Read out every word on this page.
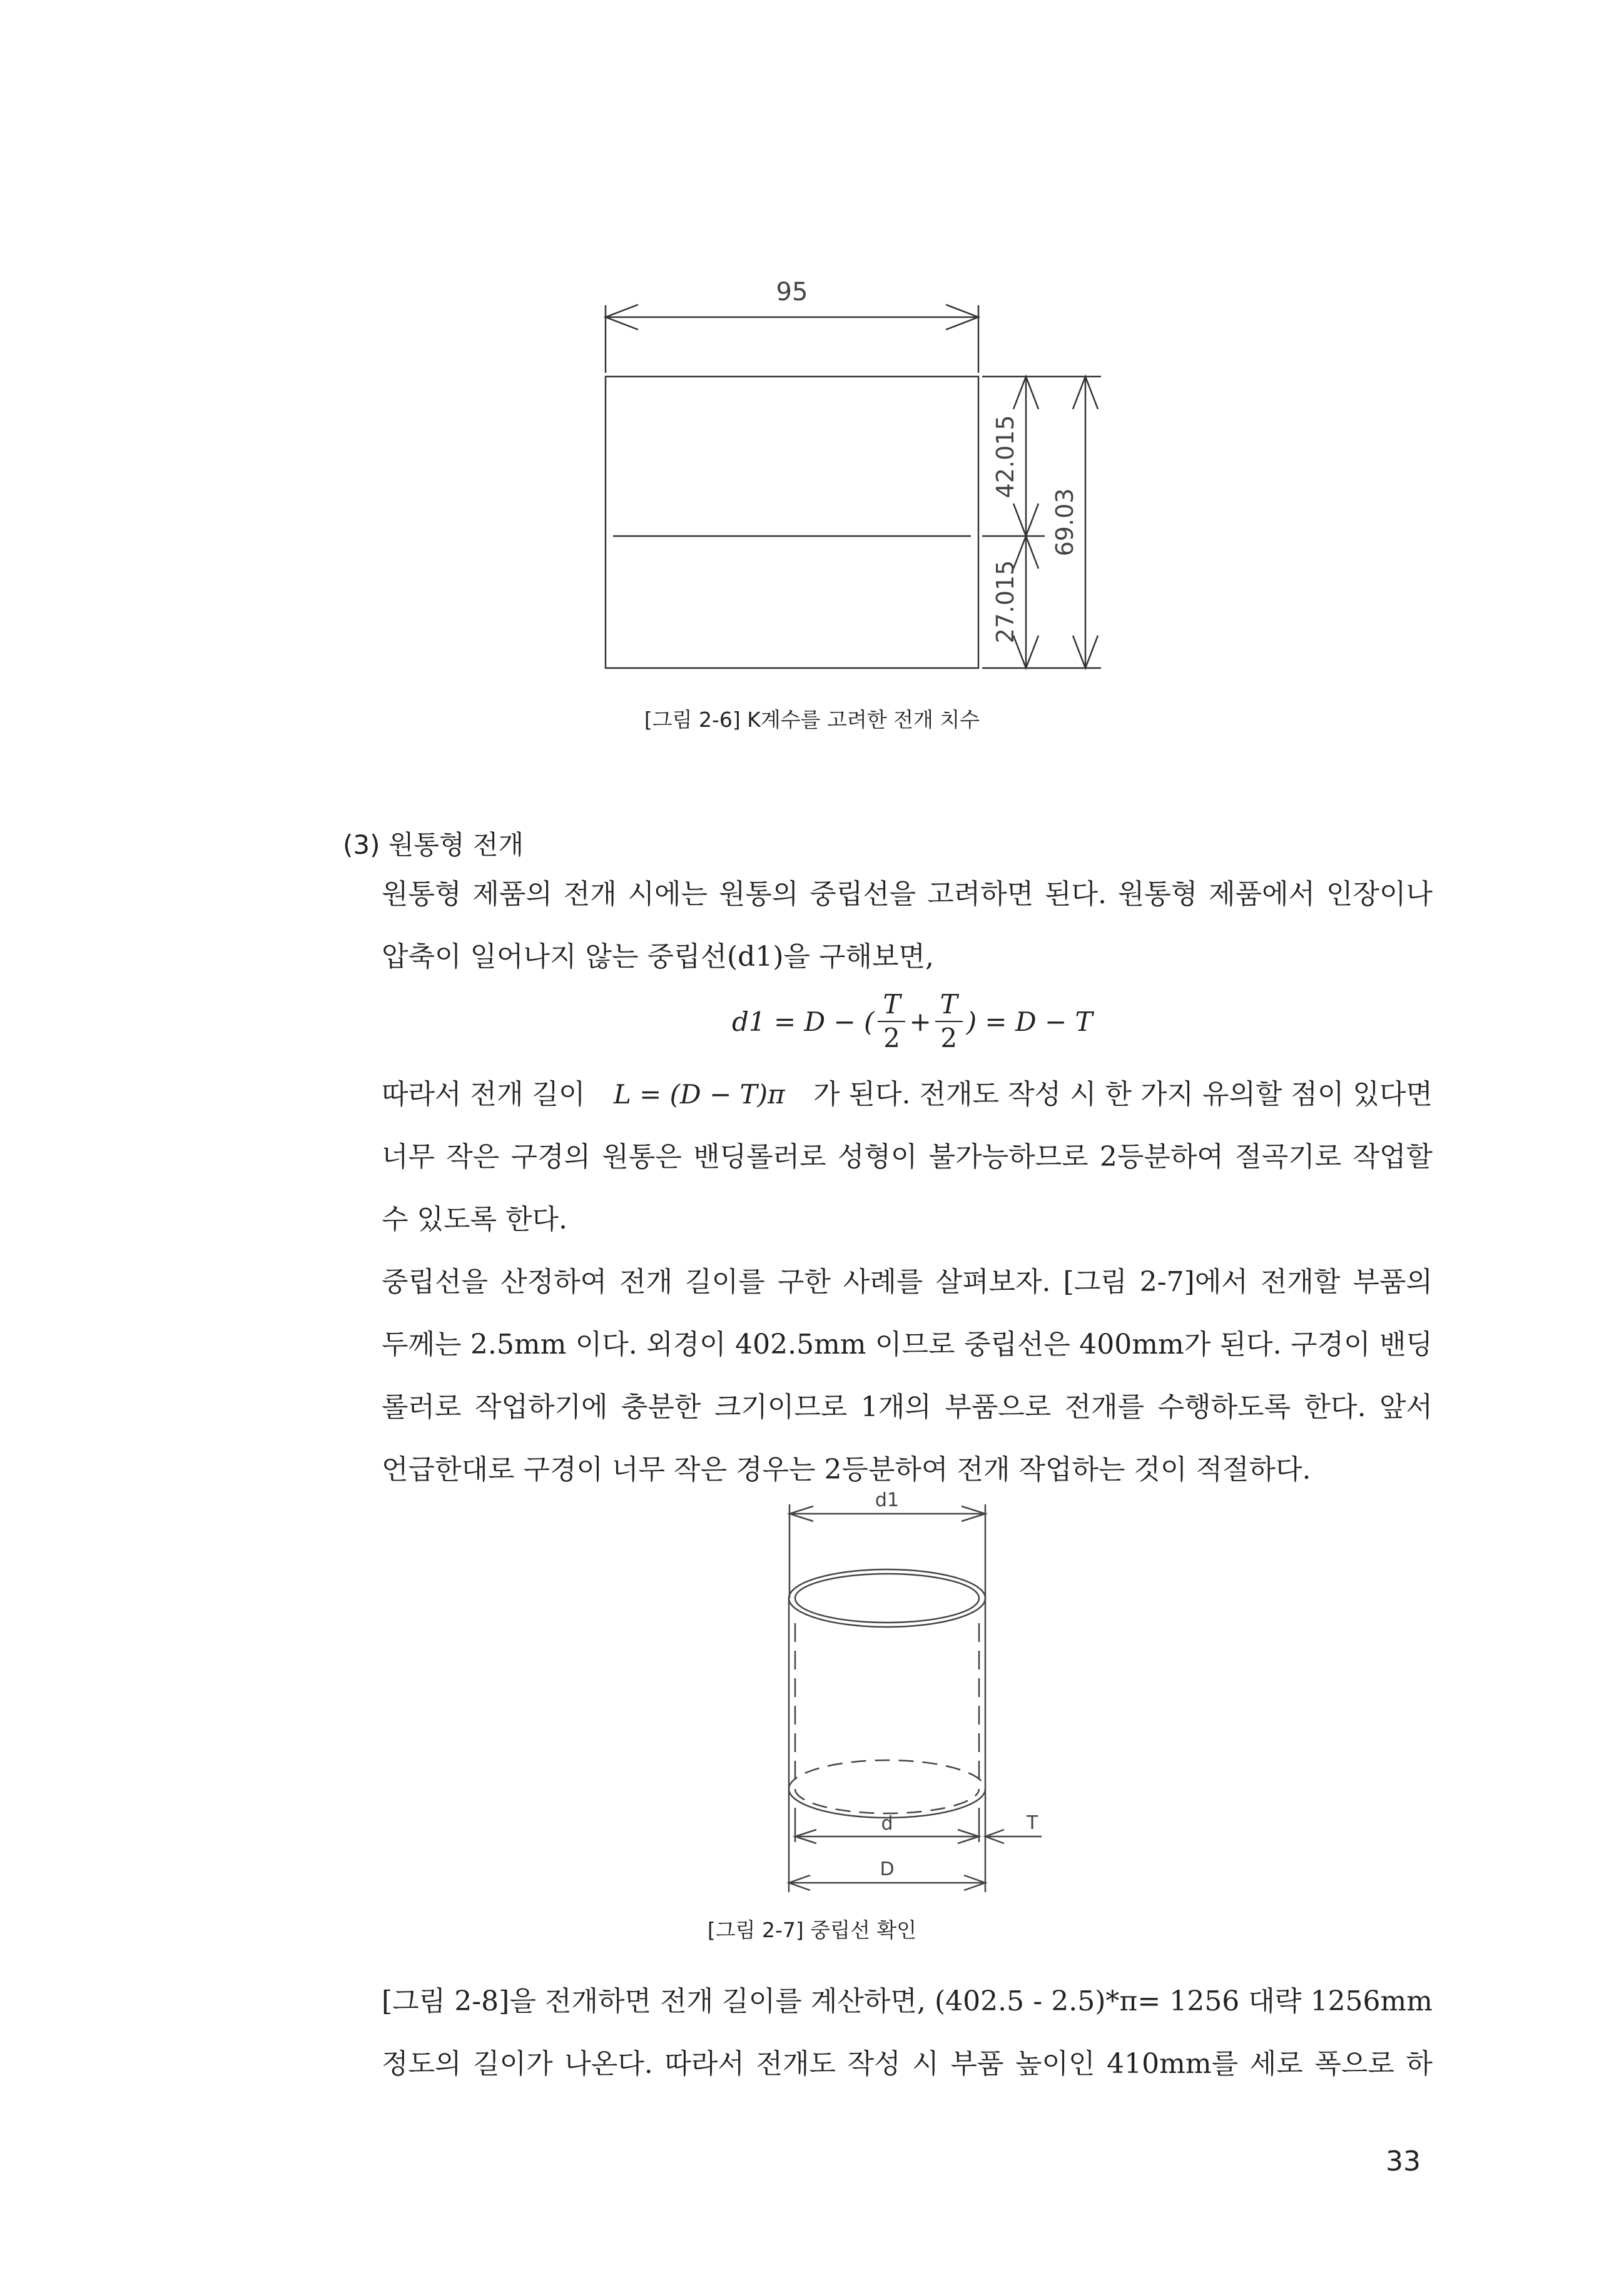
95
42.015
27.015
69.03
[그림 2-6] K계수를 고려한 전개 치수
(3) 원통형 전개
원통형 제품의 전개 시에는 원통의 중립선을 고려하면 된다. 원통형 제품에서 인장이나
압축이 일어나지 않는 중립선(d1)을 구해보면,
d1 = D − (
T
2
+ $\frac{T}{2}$ ) = D − T
따라서 전개 길이 L = (D − T)π 가 된다. 전개도 작성 시 한 가지 유의할 점이 있다면
너무 작은 구경의 원통은 밴딩롤러로 성형이 불가능하므로 2등분하여 절곡기로 작업할
수 있도록 한다.
중립선을 산정하여 전개 길이를 구한 사례를 살펴보자. [그림 2-7]에서 전개할 부품의
두께는 2.5mm 이다. 외경이 402.5mm 이므로 중립선은 400mm가 된다. 구경이 밴딩
롤러로 작업하기에 충분한 크기이므로 1개의 부품으로 전개를 수행하도록 한다. 앞서
언급한대로 구경이 너무 작은 경우는 2등분하여 전개 작업하는 것이 적절하다.
d1
d
D
T
[그림 2-7] 중립선 확인
[그림 2-8]을 전개하면 전개 길이를 계산하면, (402.5 - 2.5)*π= 1256 대략 1256mm
정도의 길이가 나온다. 따라서 전개도 작성 시 부품 높이인 410mm를 세로 폭으로 하
33
